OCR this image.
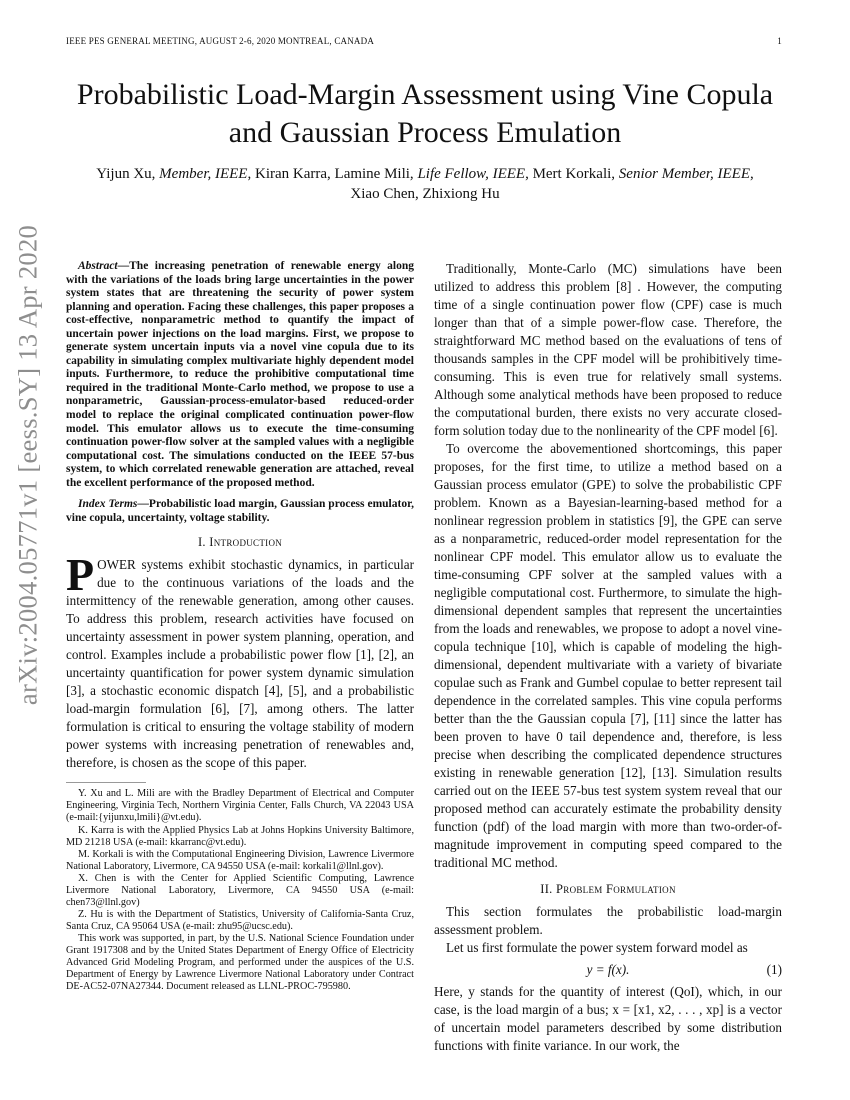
IEEE PES GENERAL MEETING, AUGUST 2-6, 2020 MONTREAL, CANADA	1
arXiv:2004.05771v1 [eess.SY] 13 Apr 2020
Probabilistic Load-Margin Assessment using Vine Copula and Gaussian Process Emulation
Yijun Xu, Member, IEEE, Kiran Karra, Lamine Mili, Life Fellow, IEEE, Mert Korkali, Senior Member, IEEE,
Xiao Chen, Zhixiong Hu

Abstract—The increasing penetration of renewable energy along with the variations of the loads bring large uncertainties in the power system states that are threatening the security of power system planning and operation. Facing these challenges, this paper proposes a cost-effective, nonparametric method to quantify the impact of uncertain power injections on the load margins. First, we propose to generate system uncertain inputs via a novel vine copula due to its capability in simulating complex multivariate highly dependent model inputs. Furthermore, to reduce the prohibitive computational time required in the traditional Monte-Carlo method, we propose to use a nonparametric, Gaussian-process-emulator-based reduced-order model to replace the original complicated continuation power-flow model. This emulator allows us to execute the time-consuming continuation power-flow solver at the sampled values with a negligible computational cost. The simulations conducted on the IEEE 57-bus system, to which correlated renewable generation are attached, reveal the excellent performance of the proposed method.

Index Terms—Probabilistic load margin, Gaussian process emulator, vine copula, uncertainty, voltage stability.

I. Introduction

POWER systems exhibit stochastic dynamics, in particular due to the continuous variations of the loads and the intermittency of the renewable generation, among other causes. To address this problem, research activities have focused on uncertainty assessment in power system planning, operation, and control. Examples include a probabilistic power flow [1], [2], an uncertainty quantification for power system dynamic simulation [3], a stochastic economic dispatch [4], [5], and a probabilistic load-margin formulation [6], [7], among others. The latter formulation is critical to ensuring the voltage stability of modern power systems with increasing penetration of renewables and, therefore, is chosen as the scope of this paper.

Y. Xu and L. Mili are with the Bradley Department of Electrical and Computer Engineering, Virginia Tech, Northern Virginia Center, Falls Church, VA 22043 USA (e-mail:{yijunxu,lmili}@vt.edu).

K. Karra is with the Applied Physics Lab at Johns Hopkins University Baltimore, MD 21218 USA (e-mail: kkarranc@vt.edu).

M. Korkali is with the Computational Engineering Division, Lawrence Livermore National Laboratory, Livermore, CA 94550 USA (e-mail: korkali1@llnl.gov).

X. Chen is with the Center for Applied Scientific Computing, Lawrence Livermore National Laboratory, Livermore, CA 94550 USA (e-mail: chen73@llnl.gov)

Z. Hu is with the Department of Statistics, University of California-Santa Cruz, Santa Cruz, CA 95064 USA (e-mail: zhu95@ucsc.edu).

This work was supported, in part, by the U.S. National Science Foundation under Grant 1917308 and by the United States Department of Energy Office of Electricity Advanced Grid Modeling Program, and performed under the auspices of the U.S. Department of Energy by Lawrence Livermore National Laboratory under Contract DE-AC52-07NA27344. Document released as LLNL-PROC-795980.

Traditionally, Monte-Carlo (MC) simulations have been utilized to address this problem [8] . However, the computing time of a single continuation power flow (CPF) case is much longer than that of a simple power-flow case. Therefore, the straightforward MC method based on the evaluations of tens of thousands samples in the CPF model will be prohibitively time-consuming. This is even true for relatively small systems. Although some analytical methods have been proposed to reduce the computational burden, there exists no very accurate closed-form solution today due to the nonlinearity of the CPF model [6].

To overcome the abovementioned shortcomings, this paper proposes, for the first time, to utilize a method based on a Gaussian process emulator (GPE) to solve the probabilistic CPF problem. Known as a Bayesian-learning-based method for a nonlinear regression problem in statistics [9], the GPE can serve as a nonparametric, reduced-order model representation for the nonlinear CPF model. This emulator allow us to evaluate the time-consuming CPF solver at the sampled values with a negligible computational cost. Furthermore, to simulate the high-dimensional dependent samples that represent the uncertainties from the loads and renewables, we propose to adopt a novel vine-copula technique [10], which is capable of modeling the high-dimensional, dependent multivariate with a variety of bivariate copulae such as Frank and Gumbel copulae to better represent tail dependence in the correlated samples. This vine copula performs better than the the Gaussian copula [7], [11] since the latter has been proven to have 0 tail dependence and, therefore, is less precise when describing the complicated dependence structures existing in renewable generation [12], [13]. Simulation results carried out on the IEEE 57-bus test system system reveal that our proposed method can accurately estimate the probability density function (pdf) of the load margin with more than two-order-of-magnitude improvement in computing speed compared to the traditional MC method.

II. Problem Formulation

This section formulates the probabilistic load-margin assessment problem.

Let us first formulate the power system forward model as

y = f(x).	(1)

Here, y stands for the quantity of interest (QoI), which, in our case, is the load margin of a bus; x = [x1, x2, . . . , xp] is a vector of uncertain model parameters described by some distribution functions with finite variance. In our work, the
